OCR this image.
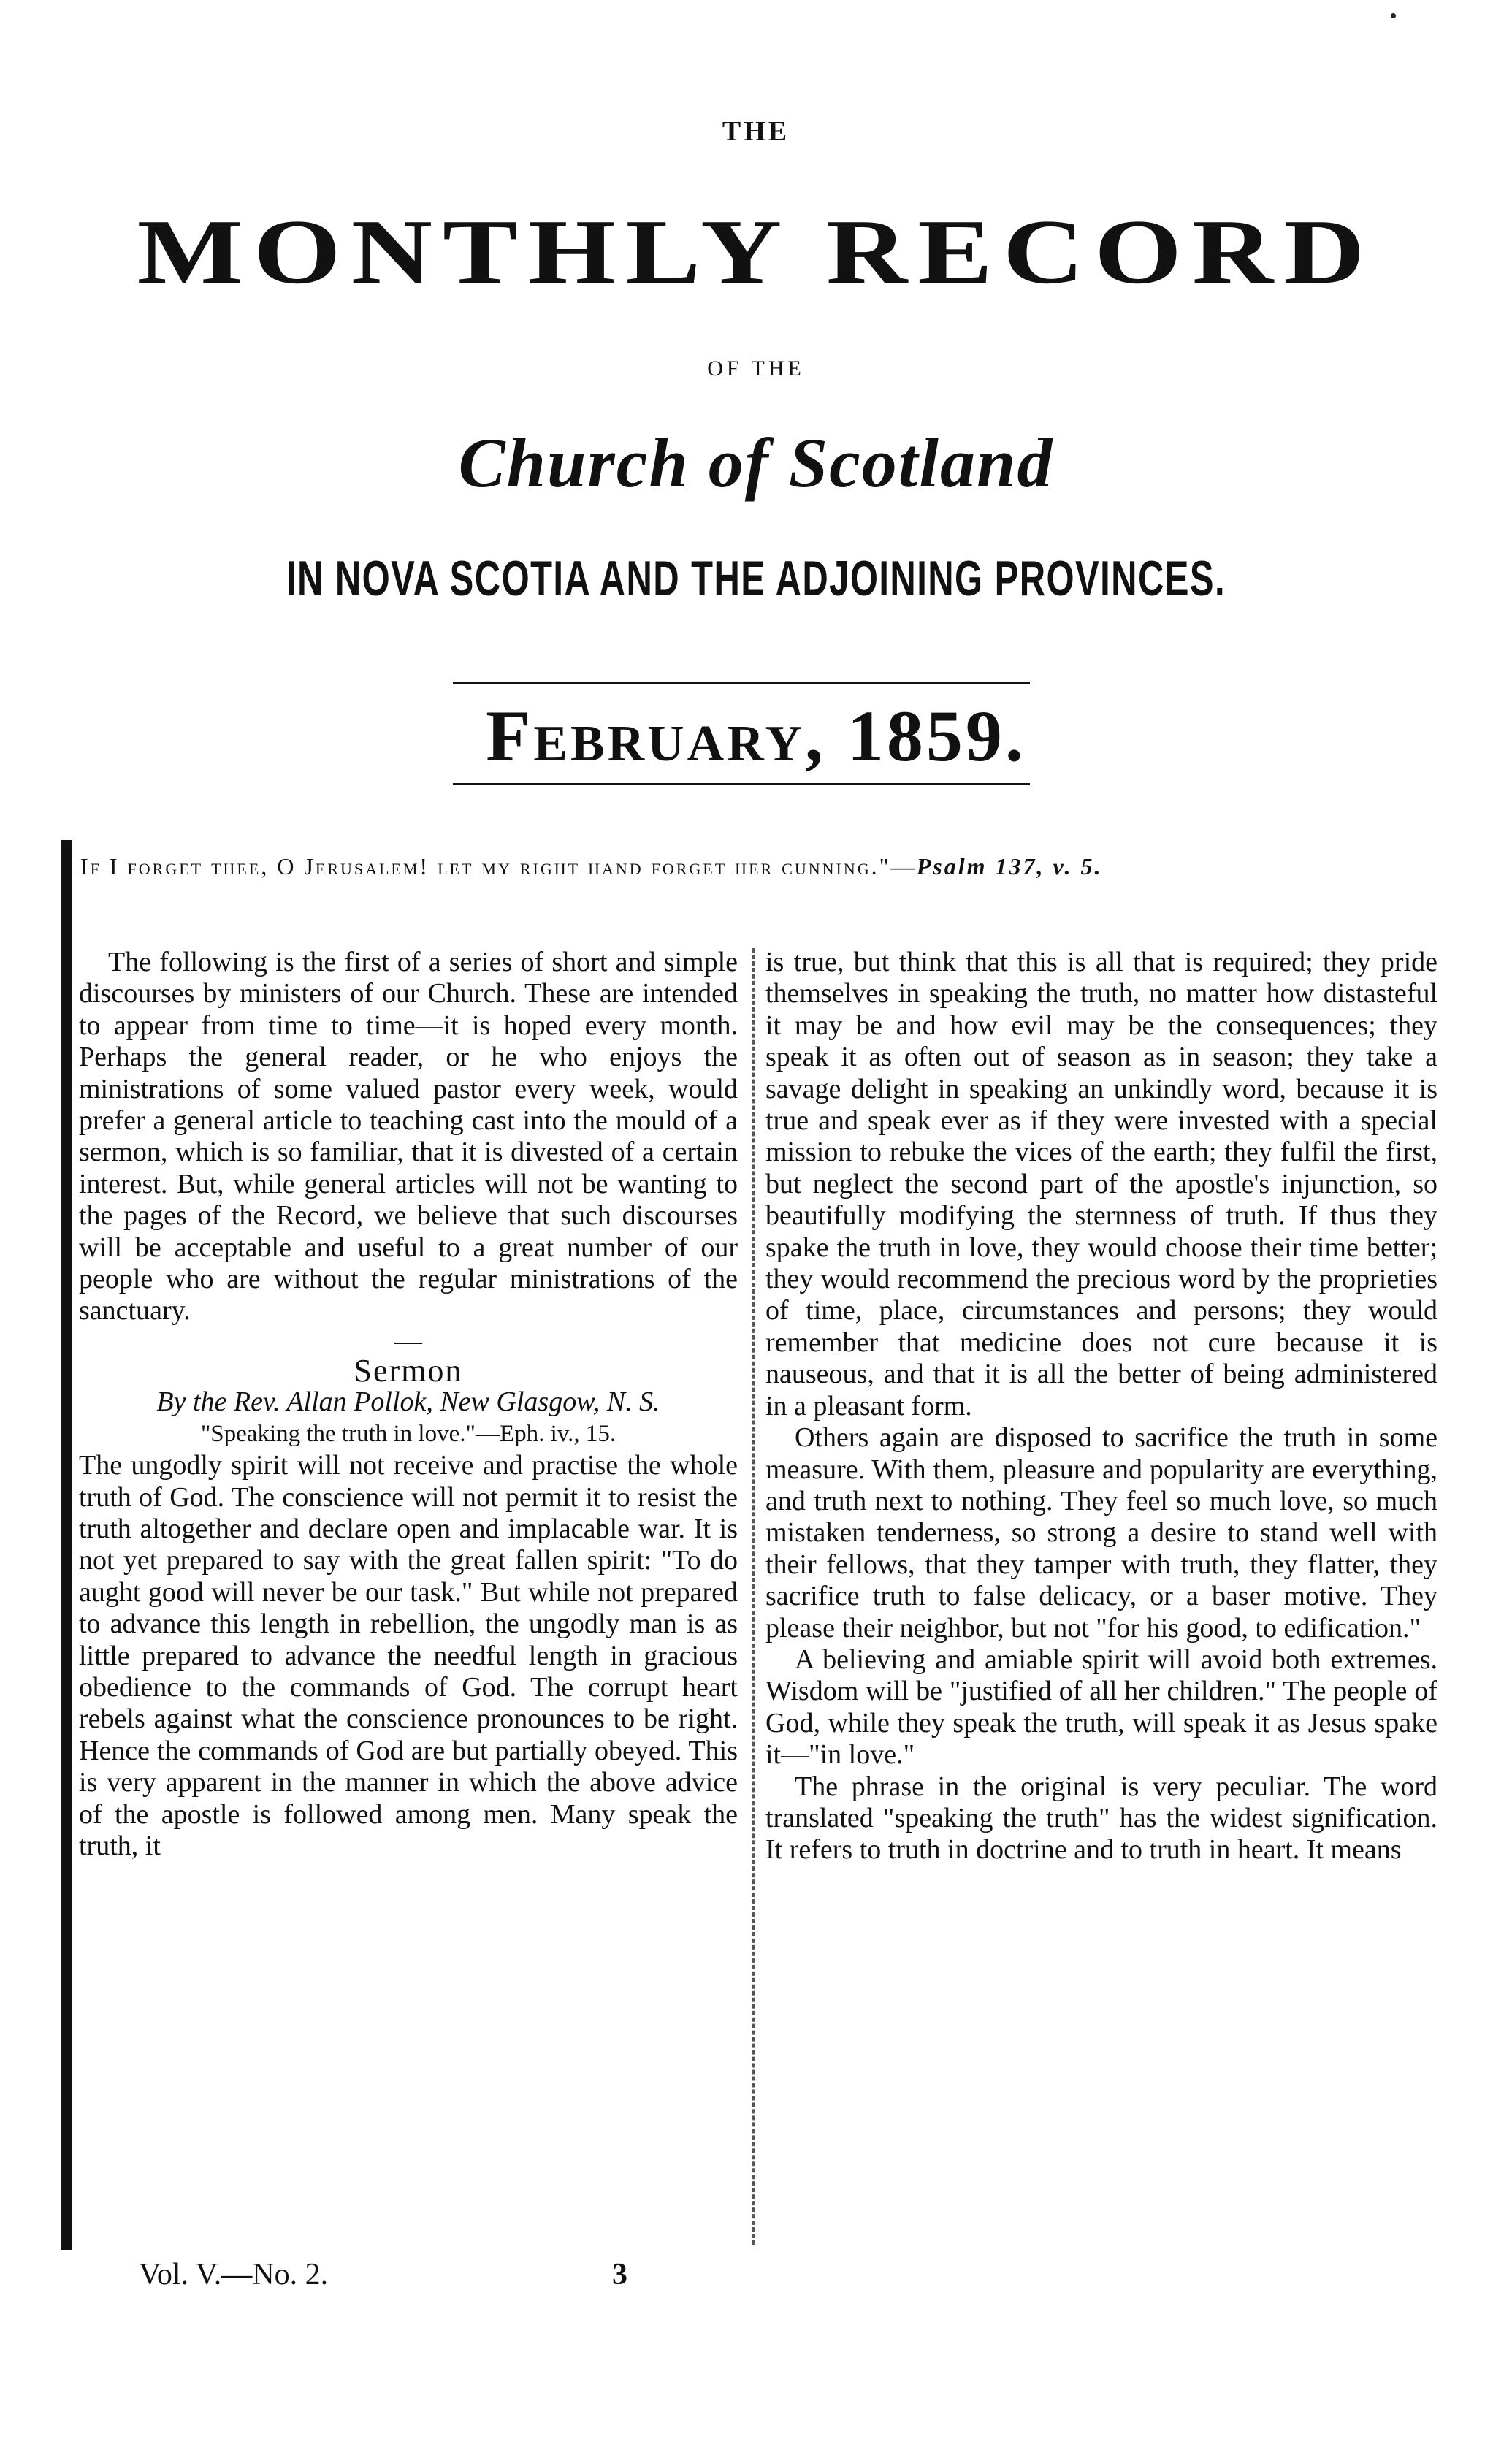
THE
MONTHLY RECORD
OF THE
Church of Scotland
IN NOVA SCOTIA AND THE ADJOINING PROVINCES.
February, 1859.
If I forget thee, O Jerusalem! let my right hand forget her cunning."—Psalm 137, v. 5.

The following is the first of a series of short and simple discourses by ministers of our Church. These are intended to appear from time to time—it is hoped every month. Perhaps the general reader, or he who enjoys the ministrations of some valued pastor every week, would prefer a general article to teaching cast into the mould of a sermon, which is so familiar, that it is divested of a certain interest. But, while general articles will not be wanting to the pages of the Record, we believe that such discourses will be acceptable and useful to a great number of our people who are without the regular ministrations of the sanctuary.

—

Sermon

By the Rev. Allan Pollok, New Glasgow, N. S.

"Speaking the truth in love."—Eph. iv., 15.

The ungodly spirit will not receive and practise the whole truth of God. The conscience will not permit it to resist the truth altogether and declare open and implacable war. It is not yet prepared to say with the great fallen spirit: "To do aught good will never be our task." But while not prepared to advance this length in rebellion, the ungodly man is as little prepared to advance the needful length in gracious obedience to the commands of God. The corrupt heart rebels against what the conscience pronounces to be right. Hence the commands of God are but partially obeyed. This is very apparent in the manner in which the above advice of the apostle is followed among men. Many speak the truth, it

is true, but think that this is all that is required; they pride themselves in speaking the truth, no matter how distasteful it may be and how evil may be the consequences; they speak it as often out of season as in season; they take a savage delight in speaking an unkindly word, because it is true and speak ever as if they were invested with a special mission to rebuke the vices of the earth; they fulfil the first, but neglect the second part of the apostle's injunction, so beautifully modifying the sternness of truth. If thus they spake the truth in love, they would choose their time better; they would recommend the precious word by the proprieties of time, place, circumstances and persons; they would remember that medicine does not cure because it is nauseous, and that it is all the better of being administered in a pleasant form.

Others again are disposed to sacrifice the truth in some measure. With them, pleasure and popularity are everything, and truth next to nothing. They feel so much love, so much mistaken tenderness, so strong a desire to stand well with their fellows, that they tamper with truth, they flatter, they sacrifice truth to false delicacy, or a baser motive. They please their neighbor, but not "for his good, to edification."

A believing and amiable spirit will avoid both extremes. Wisdom will be "justified of all her children." The people of God, while they speak the truth, will speak it as Jesus spake it—"in love."

The phrase in the original is very peculiar. The word translated "speaking the truth" has the widest signification. It refers to truth in doctrine and to truth in heart. It means

Vol. V.—No. 2.	3
